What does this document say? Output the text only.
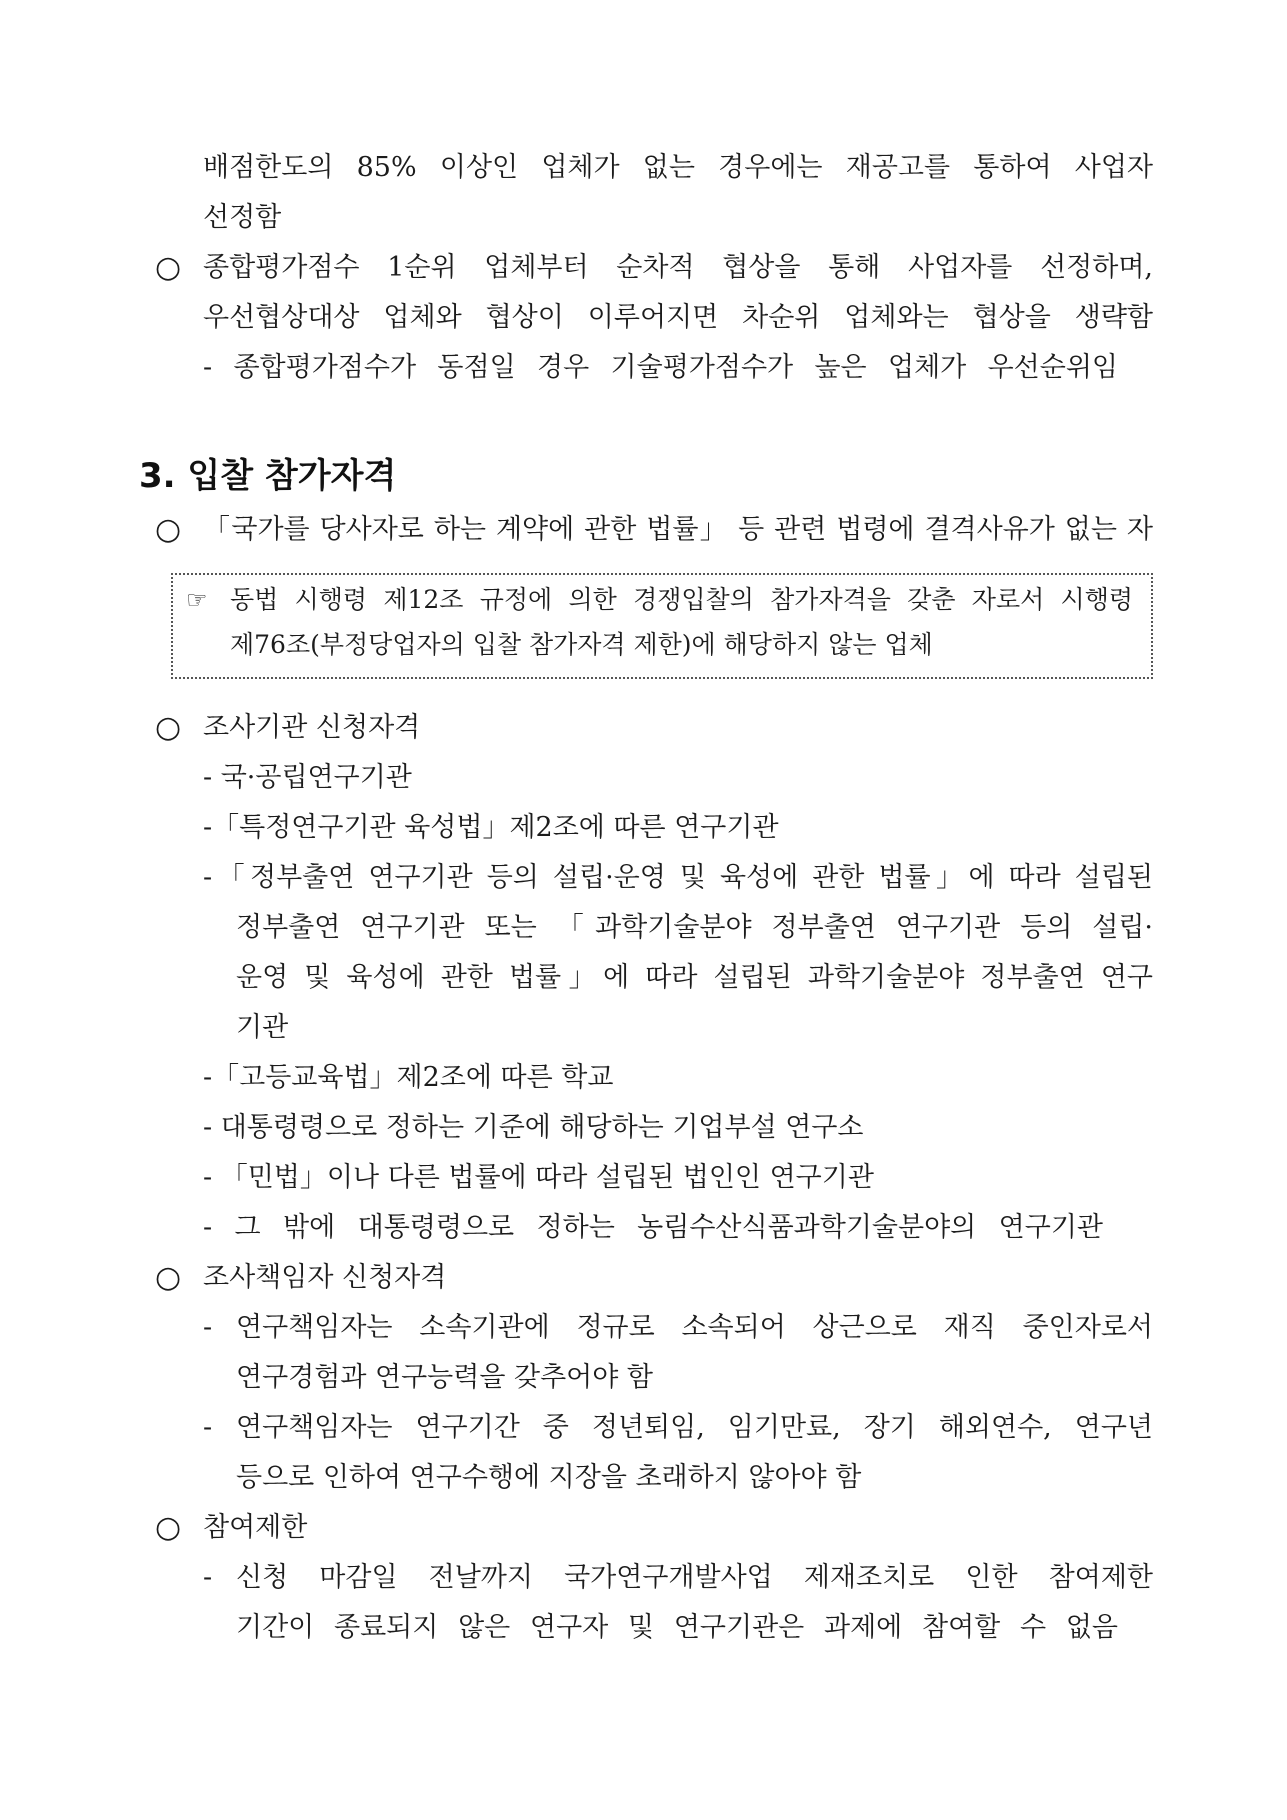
배점한도의 85% 이상인 업체가 없는 경우에는 재공고를 통하여 사업자
선정함
○ 종합평가점수 1순위 업체부터 순차적 협상을 통해 사업자를 선정하며,
우선협상대상 업체와 협상이 이루어지면 차순위 업체와는 협상을 생략함
- 종합평가점수가 동점일 경우 기술평가점수가 높은 업체가 우선순위임
3. 입찰 참가자격
○ 「국가를 당사자로 하는 계약에 관한 법률」 등 관련 법령에 결격사유가 없는 자
☞ 동법 시행령 제12조 규정에 의한 경쟁입찰의 참가자격을 갖춘 자로서 시행령
제76조(부정당업자의 입찰 참가자격 제한)에 해당하지 않는 업체
○ 조사기관 신청자격
- 국·공립연구기관
-「특정연구기관 육성법」제2조에 따른 연구기관
-「정부출연 연구기관 등의 설립·운영 및 육성에 관한 법률」에 따라 설립된
정부출연 연구기관 또는 「과학기술분야 정부출연 연구기관 등의 설립·
운영 및 육성에 관한 법률」에 따라 설립된 과학기술분야 정부출연 연구
기관
-「고등교육법」제2조에 따른 학교
- 대통령령으로 정하는 기준에 해당하는 기업부설 연구소
- 「민법」이나 다른 법률에 따라 설립된 법인인 연구기관
- 그 밖에 대통령령으로 정하는 농림수산식품과학기술분야의 연구기관
○ 조사책임자 신청자격
- 연구책임자는 소속기관에 정규로 소속되어 상근으로 재직 중인자로서
연구경험과 연구능력을 갖추어야 함
- 연구책임자는 연구기간 중 정년퇴임, 임기만료, 장기 해외연수, 연구년
등으로 인하여 연구수행에 지장을 초래하지 않아야 함
○ 참여제한
- 신청 마감일 전날까지 국가연구개발사업 제재조치로 인한 참여제한
기간이 종료되지 않은 연구자 및 연구기관은 과제에 참여할 수 없음
